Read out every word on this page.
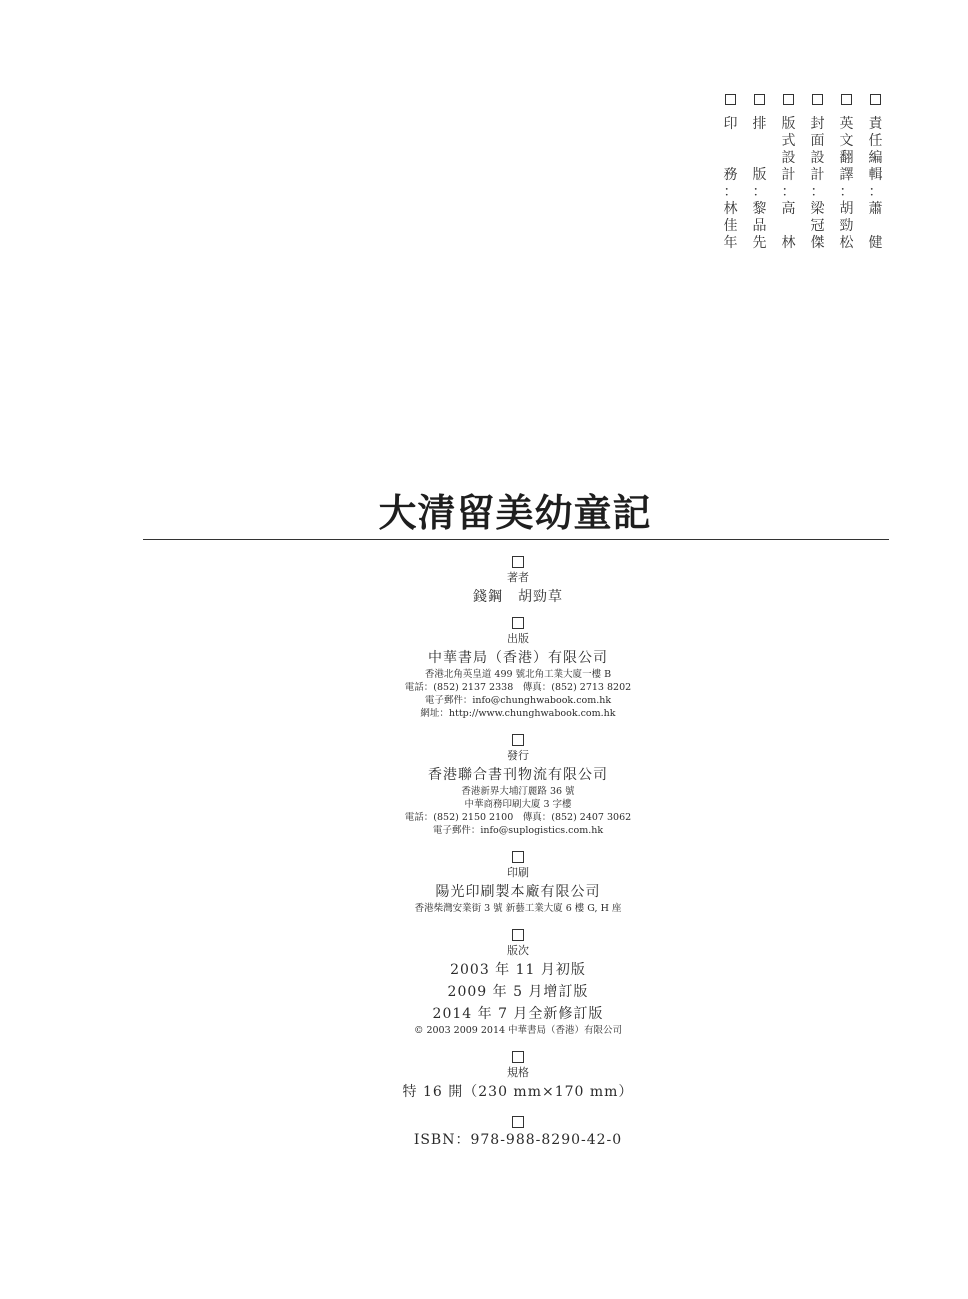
責
任
編
輯
：
蕭
健
英
文
翻
譯
：
胡
勁
松
封
面
設
計
：
梁
冠
傑
版
式
設
計
：
高
林
排
版
：
黎
品
先
印
務
：
林
佳
年
大清留美幼童記
著者
錢鋼　胡勁草
出版
中華書局（香港）有限公司
香港北角英皇道 499 號北角工業大廈一樓 B
電話：(852) 2137 2338　傳真：(852) 2713 8202
電子郵件：info@chunghwabook.com.hk
網址：http://www.chunghwabook.com.hk
發行
香港聯合書刊物流有限公司
香港新界大埔汀麗路 36 號
中華商務印刷大廈 3 字樓
電話：(852) 2150 2100　傳真：(852) 2407 3062
電子郵件：info@suplogistics.com.hk
印刷
陽光印刷製本廠有限公司
香港柴灣安業街 3 號 新藝工業大廈 6 樓 G, H 座
版次
2003 年 11 月初版
2009 年 5 月增訂版
2014 年 7 月全新修訂版
© 2003 2009 2014 中華書局（香港）有限公司
規格
特 16 開（230 mm×170 mm）
ISBN：978-988-8290-42-0
